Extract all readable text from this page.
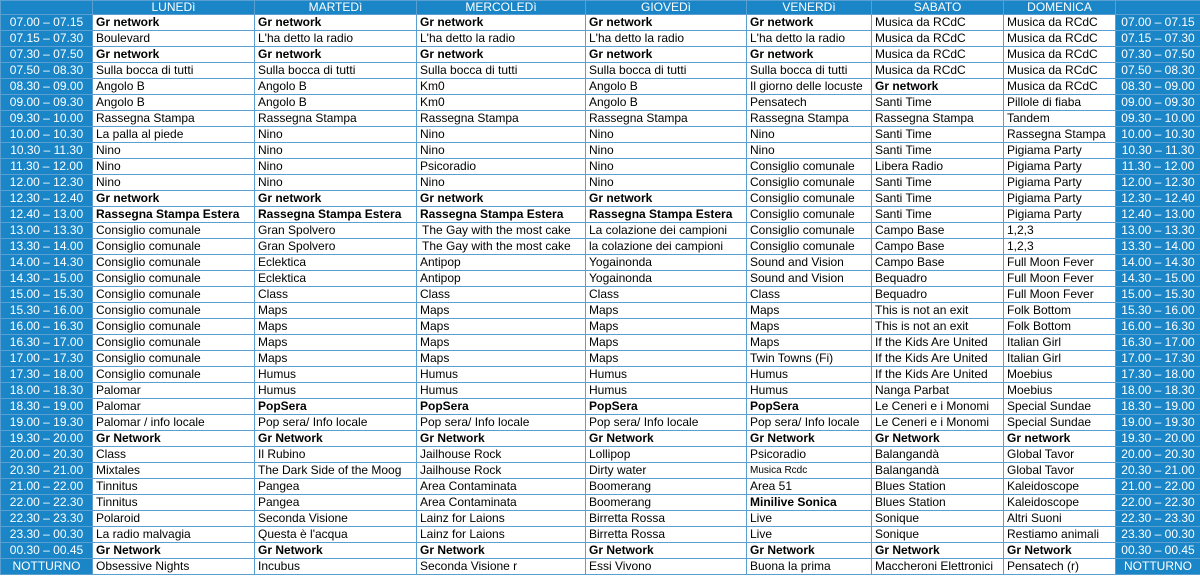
	LUNEDì	MARTEDì	MERCOLEDì	GIOVEDì	VENERDì	SABATO	DOMENICA	
07.00 – 07.15	Gr network	Gr network	Gr network	Gr network	Gr network	Musica da RCdC	Musica da RCdC	07.00 – 07.15
07.15 – 07.30	Boulevard	L'ha detto la radio	L'ha detto la radio	L'ha detto la radio	L'ha detto la radio	Musica da RCdC	Musica da RCdC	07.15 – 07.30
07.30 – 07.50	Gr network	Gr network	Gr network	Gr network	Gr network	Musica da RCdC	Musica da RCdC	07.30 – 07.50
07.50 – 08.30	Sulla bocca di tutti	Sulla bocca di tutti	Sulla bocca di tutti	Sulla bocca di tutti	Sulla bocca di tutti	Musica da RCdC	Musica da RCdC	07.50 – 08.30
08.30 – 09.00	Angolo B	Angolo B	Km0	Angolo B	Il giorno delle locuste	Gr network	Musica da RCdC	08.30 – 09.00
09.00 – 09.30	Angolo B	Angolo B	Km0	Angolo B	Pensatech	Santi Time	Pillole di fiaba	09.00 – 09.30
09.30 – 10.00	Rassegna Stampa	Rassegna Stampa	Rassegna Stampa	Rassegna Stampa	Rassegna Stampa	Rassegna Stampa	Tandem	09.30 – 10.00
10.00 – 10.30	La palla al piede	Nino	Nino	Nino	Nino	Santi Time	Rassegna Stampa	10.00 – 10.30
10.30 – 11.30	Nino	Nino	Nino	Nino	Nino	Santi Time	Pigiama Party	10.30 – 11.30
11.30 – 12.00	Nino	Nino	Psicoradio	Nino	Consiglio comunale	Libera Radio	Pigiama Party	11.30 – 12.00
12.00 – 12.30	Nino	Nino	Nino	Nino	Consiglio comunale	Santi Time	Pigiama Party	12.00 – 12.30
12.30 – 12.40	Gr network	Gr network	Gr network	Gr network	Consiglio comunale	Santi Time	Pigiama Party	12.30 – 12.40
12.40 – 13.00	Rassegna Stampa Estera	Rassegna Stampa Estera	Rassegna Stampa Estera	Rassegna Stampa Estera	Consiglio comunale	Santi Time	Pigiama Party	12.40 – 13.00
13.00 – 13.30	Consiglio comunale	Gran Spolvero	The Gay with the most cake	La colazione dei campioni	Consiglio comunale	Campo Base	1,2,3	13.00 – 13.30
13.30 – 14.00	Consiglio comunale	Gran Spolvero	The Gay with the most cake	la colazione dei campioni	Consiglio comunale	Campo Base	1,2,3	13.30 – 14.00
14.00 – 14.30	Consiglio comunale	Eclektica	Antipop	Yogainonda	Sound and Vision	Campo Base	Full Moon Fever	14.00 – 14.30
14.30 – 15.00	Consiglio comunale	Eclektica	Antipop	Yogainonda	Sound and Vision	Bequadro	Full Moon Fever	14.30 – 15.00
15.00 – 15.30	Consiglio comunale	Class	Class	Class	Class	Bequadro	Full Moon Fever	15.00 – 15.30
15.30 – 16.00	Consiglio comunale	Maps	Maps	Maps	Maps	This is not an exit	Folk Bottom	15.30 – 16.00
16.00 – 16.30	Consiglio comunale	Maps	Maps	Maps	Maps	This is not an exit	Folk Bottom	16.00 – 16.30
16.30 – 17.00	Consiglio comunale	Maps	Maps	Maps	Maps	If the Kids Are United	Italian Girl	16.30 – 17.00
17.00 – 17.30	Consiglio comunale	Maps	Maps	Maps	Twin Towns (Fi)	If the Kids Are United	Italian Girl	17.00 – 17.30
17.30 – 18.00	Consiglio comunale	Humus	Humus	Humus	Humus	If the Kids Are United	Moebius	17.30 – 18.00
18.00 – 18.30	Palomar	Humus	Humus	Humus	Humus	Nanga Parbat	Moebius	18.00 – 18.30
18.30 – 19.00	Palomar	PopSera	PopSera	PopSera	PopSera	Le Ceneri e i Monomi	Special Sundae	18.30 – 19.00
19.00 – 19.30	Palomar / info locale	Pop sera/ Info locale	Pop sera/ Info locale	Pop sera/ Info locale	Pop sera/ Info locale	Le Ceneri e i Monomi	Special Sundae	19.00 – 19.30
19.30 – 20.00	Gr Network	Gr Network	Gr Network	Gr Network	Gr Network	Gr Network	Gr network	19.30 – 20.00
20.00 – 20.30	Class	Il Rubino	Jailhouse Rock	Lollipop	Psicoradio	Balangandà	Global Tavor	20.00 – 20.30
20.30 – 21.00	Mixtales	The Dark Side of the Moog	Jailhouse Rock	Dirty water	Musica Rcdc	Balangandà	Global Tavor	20.30 – 21.00
21.00 – 22.00	Tinnitus	Pangea	Area Contaminata	Boomerang	Area 51	Blues Station	Kaleidoscope	21.00 – 22.00
22.00 – 22.30	Tinnitus	Pangea	Area Contaminata	Boomerang	Minilive Sonica	Blues Station	Kaleidoscope	22.00 – 22.30
22.30 – 23.30	Polaroid	Seconda Visione	Lainz for Laions	Birretta Rossa	Live	Sonique	Altri Suoni	22.30 – 23.30
23.30 – 00.30	La radio malvagia	Questa è l'acqua	Lainz for Laions	Birretta Rossa	Live	Sonique	Restiamo animali	23.30 – 00.30
00.30 – 00.45	Gr Network	Gr Network	Gr Network	Gr Network	Gr Network	Gr Network	Gr Network	00.30 – 00.45
NOTTURNO	Obsessive Nights	Incubus	Seconda Visione r	Essi Vivono	Buona la prima	Maccheroni Elettronici	Pensatech (r)	NOTTURNO
